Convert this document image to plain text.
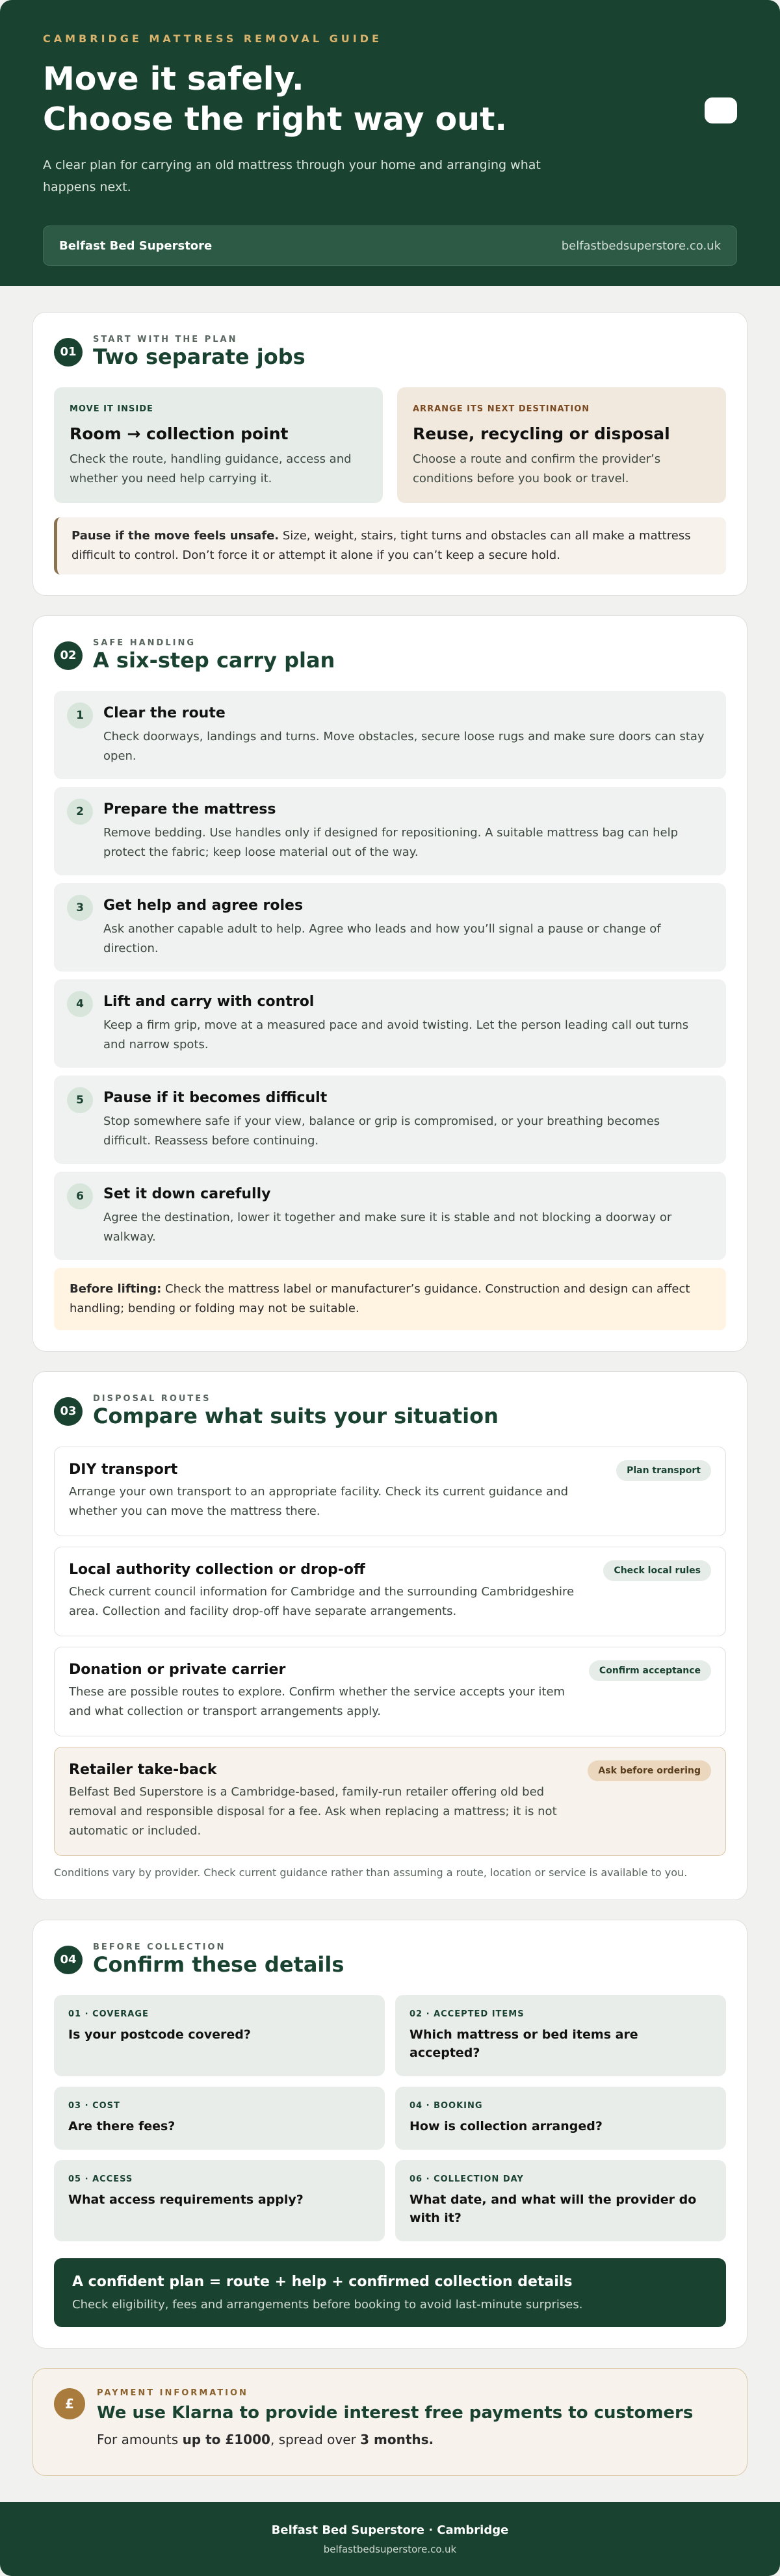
CAMBRIDGE MATTRESS REMOVAL GUIDE
Move it safely.
Choose the right way out.

A clear plan for carrying an old mattress through your home and arranging what happens next.

Belfast Bed Superstore	belfastbedsuperstore.co.uk
01
START WITH THE PLAN
Two separate jobs
MOVE IT INSIDE
Room → collection point

Check the route, handling guidance, access and whether you need help carrying it.

ARRANGE ITS NEXT DESTINATION
Reuse, recycling or disposal

Choose a route and confirm the provider’s conditions before you book or travel.

Pause if the move feels unsafe. Size, weight, stairs, tight turns and obstacles can all make a mattress difficult to control. Don’t force it or attempt it alone if you can’t keep a secure hold.
02
SAFE HANDLING
A six-step carry plan
1	Clear the route

Check doorways, landings and turns. Move obstacles, secure loose rugs and make sure doors can stay open.

2	Prepare the mattress

Remove bedding. Use handles only if designed for repositioning. A suitable mattress bag can help protect the fabric; keep loose material out of the way.

3	Get help and agree roles

Ask another capable adult to help. Agree who leads and how you’ll signal a pause or change of direction.

4	Lift and carry with control

Keep a firm grip, move at a measured pace and avoid twisting. Let the person leading call out turns and narrow spots.

5	Pause if it becomes difficult

Stop somewhere safe if your view, balance or grip is compromised, or your breathing becomes difficult. Reassess before continuing.

6	Set it down carefully

Agree the destination, lower it together and make sure it is stable and not blocking a doorway or walkway.

Before lifting: Check the mattress label or manufacturer’s guidance. Construction and design can affect handling; bending or folding may not be suitable.
03
DISPOSAL ROUTES
Compare what suits your situation
DIY transport

Arrange your own transport to an appropriate facility. Check its current guidance and whether you can move the mattress there.

Plan transport
Local authority collection or drop-off

Check current council information for Cambridge and the surrounding Cambridgeshire area. Collection and facility drop-off have separate arrangements.

Check local rules
Donation or private carrier

These are possible routes to explore. Confirm whether the service accepts your item and what collection or transport arrangements apply.

Confirm acceptance
Retailer take-back

Belfast Bed Superstore is a Cambridge-based, family-run retailer offering old bed removal and responsible disposal for a fee. Ask when replacing a mattress; it is not automatic or included.

Ask before ordering
Conditions vary by provider. Check current guidance rather than assuming a route, location or service is available to you.
04
BEFORE COLLECTION
Confirm these details
01 · COVERAGE
Is your postcode covered?
02 · ACCEPTED ITEMS
Which mattress or bed items are accepted?
03 · COST
Are there fees?
04 · BOOKING
How is collection arranged?
05 · ACCESS
What access requirements apply?
06 · COLLECTION DAY
What date, and what will the provider do with it?
A confident plan = route + help + confirmed collection details
Check eligibility, fees and arrangements before booking to avoid last-minute surprises.
£
PAYMENT INFORMATION
We use Klarna to provide interest free payments to customers

For amounts up to £1000, spread over 3 months.

Belfast Bed Superstore · Cambridge
belfastbedsuperstore.co.uk
